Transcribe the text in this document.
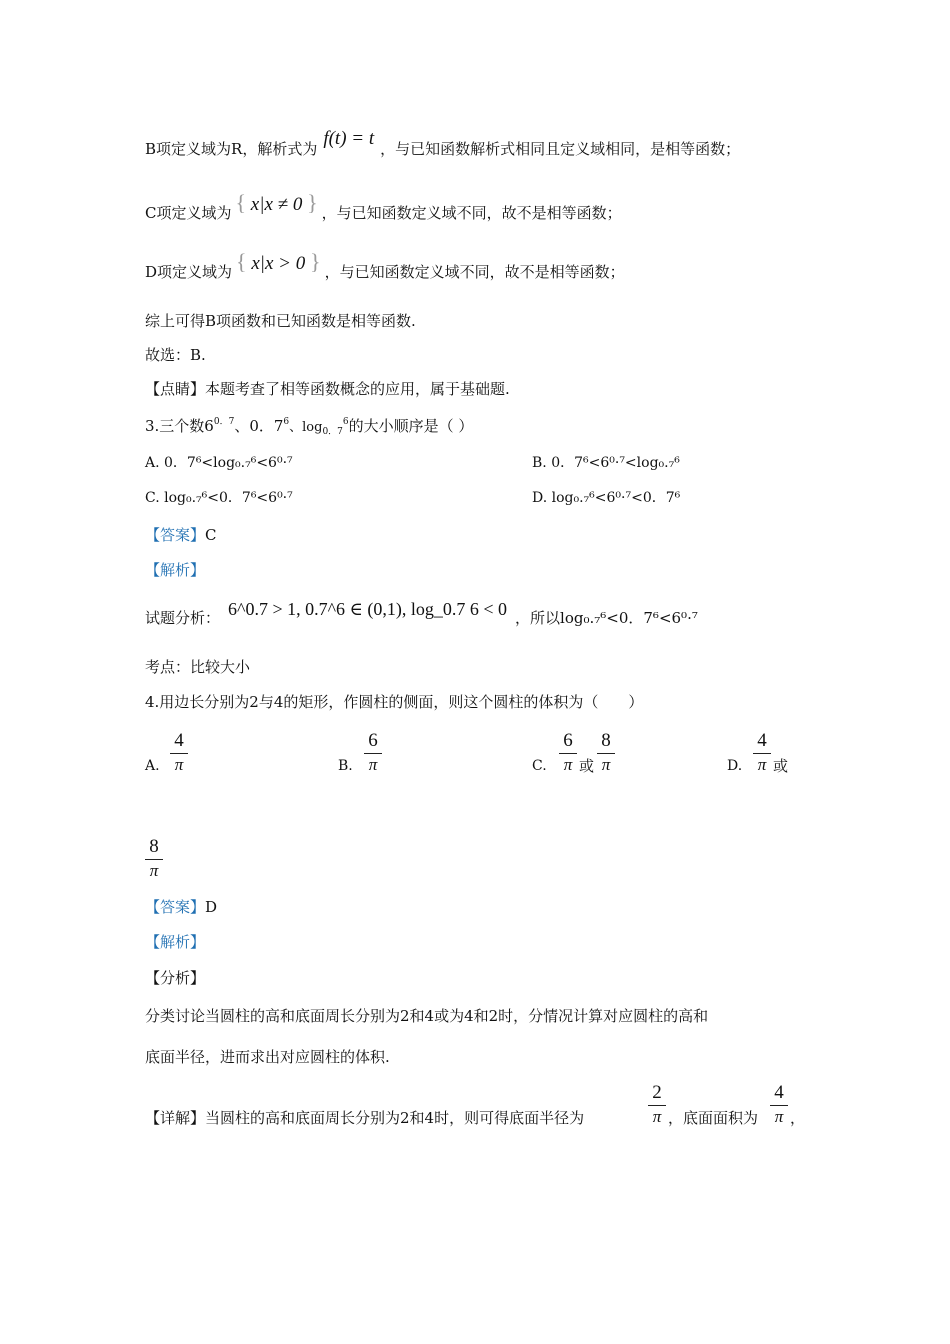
B项定义域为R，解析式为 f(t) = t ，与已知函数解析式相同且定义域相同，是相等函数；
C项定义域为 { x|x ≠ 0 } ，与已知函数定义域不同，故不是相等函数；
D项定义域为 { x|x > 0 } ，与已知函数定义域不同，故不是相等函数；
综上可得B项函数和已知函数是相等函数.
故选：B.
【点睛】本题考查了相等函数概念的应用，属于基础题.
3.三个数$6^{0.7}$、0．$7^6$、$\log_{0.7}^6$的大小顺序是（ ）
A. 0．7⁶<log₀.₇⁶<6⁰·⁷	B. 0．7⁶<6⁰·⁷<log₀.₇⁶
C. log₀.₇⁶<0．7⁶<6⁰·⁷	D. log₀.₇⁶<6⁰·⁷<0．7⁶
【答案】C
【解析】
试题分析： 6^0.7 > 1, 0.7^6 ∈ (0,1), log_0.7 6 < 0 ，所以log₀.₇⁶<0．7⁶<6⁰·⁷
考点：比较大小
4.用边长分别为2与4的矩形，作圆柱的侧面，则这个圆柱的体积为（　　）
A.
4
π	B.
6
π	C.
6
π 或
8
π	D.
4
π 或
8
π
【答案】D
【解析】
【分析】
分类讨论当圆柱的高和底面周长分别为2和4或为4和2时，分情况计算对应圆柱的高和
底面半径，进而求出对应圆柱的体积.
【详解】当圆柱的高和底面周长分别为2和4时，则可得底面半径为
2
π ，底面面积为
4
π ，
